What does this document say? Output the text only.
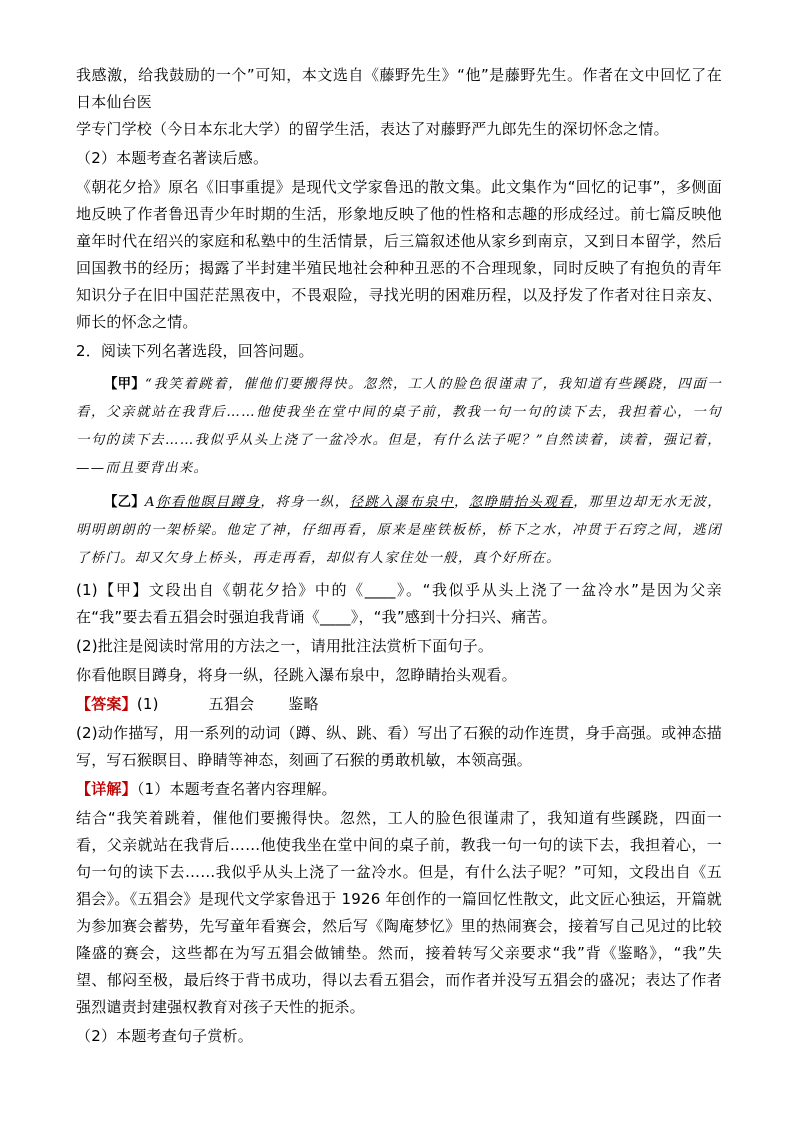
我感激，给我鼓励的一个”可知，本文选自《藤野先生》“他”是藤野先生。作者在文中回忆了在日本仙台医

学专门学校（今日本东北大学）的留学生活，表达了对藤野严九郎先生的深切怀念之情。

（2）本题考查名著读后感。

《朝花夕拾》原名《旧事重提》是现代文学家鲁迅的散文集。此文集作为“回忆的记事”，多侧面地反映了作者鲁迅青少年时期的生活，形象地反映了他的性格和志趣的形成经过。前七篇反映他童年时代在绍兴的家庭和私塾中的生活情景，后三篇叙述他从家乡到南京，又到日本留学，然后回国教书的经历；揭露了半封建半殖民地社会种种丑恶的不合理现象，同时反映了有抱负的青年知识分子在旧中国茫茫黑夜中，不畏艰险，寻找光明的困难历程，以及抒发了作者对往日亲友、师长的怀念之情。

2．阅读下列名著选段，回答问题。

【甲】“我笑着跳着，催他们要搬得快。忽然，工人的脸色很谨肃了，我知道有些蹊跷，四面一看，父亲就站在我背后……他使我坐在堂中间的桌子前，教我一句一句的读下去，我担着心，一句一句的读下去……我似乎从头上浇了一盆冷水。但是，有什么法子呢？”自然读着，读着，强记着，——而且要背出来。

【乙】A你看他瞑目蹲身，将身一纵，径跳入瀑布泉中，忽睁睛抬头观看，那里边却无水无波，明明朗朗的一架桥梁。他定了神，仔细再看，原来是座铁板桥，桥下之水，冲贯于石窍之间，逃闭了桥门。却又欠身上桥头，再走再看，却似有人家住处一般，真个好所在。

(1)【甲】文段出自《朝花夕拾》中的《____》。“我似乎从头上浇了一盆冷水”是因为父亲在“我”要去看五猖会时强迫我背诵《____》，“我”感到十分扫兴、痛苦。

(2)批注是阅读时常用的方法之一，请用批注法赏析下面句子。

你看他瞑目蹲身，将身一纵，径跳入瀑布泉中，忽睁睛抬头观看。

【答案】(1)	五猖会 鉴略

(2)动作描写，用一系列的动词（蹲、纵、跳、看）写出了石猴的动作连贯，身手高强。或神态描写，写石猴瞑目、睁睛等神态，刻画了石猴的勇敢机敏，本领高强。

【详解】（1）本题考查名著内容理解。

结合“我笑着跳着，催他们要搬得快。忽然，工人的脸色很谨肃了，我知道有些蹊跷，四面一看，父亲就站在我背后……他使我坐在堂中间的桌子前，教我一句一句的读下去，我担着心，一句一句的读下去……我似乎从头上浇了一盆冷水。但是，有什么法子呢？”可知，文段出自《五猖会》。《五猖会》是现代文学家鲁迅于 1926 年创作的一篇回忆性散文，此文匠心独运，开篇就为参加赛会蓄势，先写童年看赛会，然后写《陶庵梦忆》里的热闹赛会，接着写自己见过的比较隆盛的赛会，这些都在为写五猖会做铺垫。然而，接着转写父亲要求“我”背《鉴略》，“我”失望、郁闷至极，最后终于背书成功，得以去看五猖会，而作者并没写五猖会的盛况；表达了作者强烈谴责封建强权教育对孩子天性的扼杀。

（2）本题考查句子赏析。
